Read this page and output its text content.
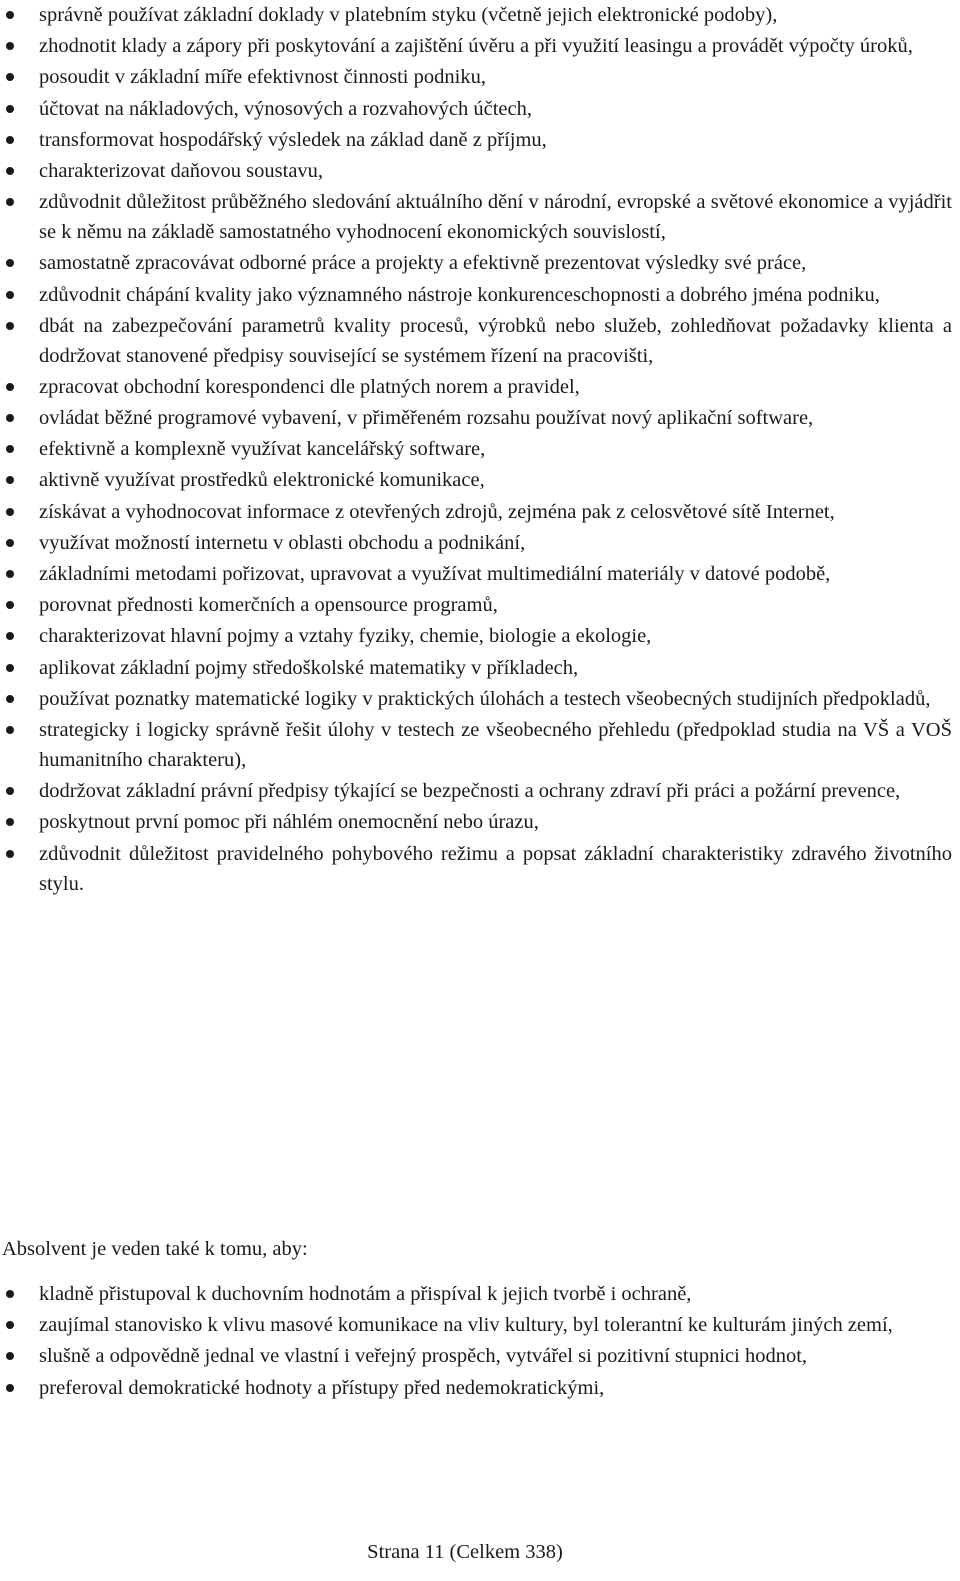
správně používat základní doklady v platebním styku (včetně jejich elektronické podoby),
zhodnotit klady a zápory při poskytování a zajištění úvěru a při využití leasingu a provádět výpočty úroků,
posoudit v základní míře efektivnost činnosti podniku,
účtovat na nákladových, výnosových a rozvahových účtech,
transformovat hospodářský výsledek na základ daně z příjmu,
charakterizovat daňovou soustavu,
zdůvodnit důležitost průběžného sledování aktuálního dění v národní, evropské a světové ekonomice a vyjádřit se k němu na základě samostatného vyhodnocení ekonomických souvislostí,
samostatně zpracovávat odborné práce a projekty a efektivně prezentovat výsledky své práce,
zdůvodnit chápání kvality jako významného nástroje konkurenceschopnosti a dobrého jména podniku,
dbát na zabezpečování parametrů kvality procesů, výrobků nebo služeb, zohledňovat požadavky klienta a dodržovat stanovené předpisy související se systémem řízení na pracovišti,
zpracovat obchodní korespondenci dle platných norem a pravidel,
ovládat běžné programové vybavení, v přiměřeném rozsahu používat nový aplikační software,
efektivně a komplexně využívat kancelářský software,
aktivně využívat prostředků elektronické komunikace,
získávat a vyhodnocovat informace z otevřených zdrojů, zejména pak z celosvětové sítě Internet,
využívat možností internetu v oblasti obchodu a podnikání,
základními metodami pořizovat, upravovat a využívat multimediální materiály v datové podobě,
porovnat přednosti komerčních a opensource programů,
charakterizovat hlavní pojmy a vztahy fyziky, chemie, biologie a ekologie,
aplikovat základní pojmy středoškolské matematiky v příkladech,
používat poznatky matematické logiky v praktických úlohách a testech všeobecných studijních předpokladů,
strategicky i logicky správně řešit úlohy v testech ze všeobecného přehledu (předpoklad studia na VŠ a VOŠ humanitního charakteru),
dodržovat základní právní předpisy týkající se bezpečnosti a ochrany zdraví při práci a požární prevence,
poskytnout první pomoc při náhlém onemocnění nebo úrazu,
zdůvodnit důležitost pravidelného pohybového režimu a popsat základní charakteristiky zdravého životního stylu.

Absolvent je veden také k tomu, aby:

kladně přistupoval k duchovním hodnotám a přispíval k jejich tvorbě i ochraně,
zaujímal stanovisko k vlivu masové komunikace na vliv kultury, byl tolerantní ke kulturám jiných zemí,
slušně a odpovědně jednal ve vlastní i veřejný prospěch, vytvářel si pozitivní stupnici hodnot,
preferoval demokratické hodnoty a přístupy před nedemokratickými,

Strana 11 (Celkem 338)
